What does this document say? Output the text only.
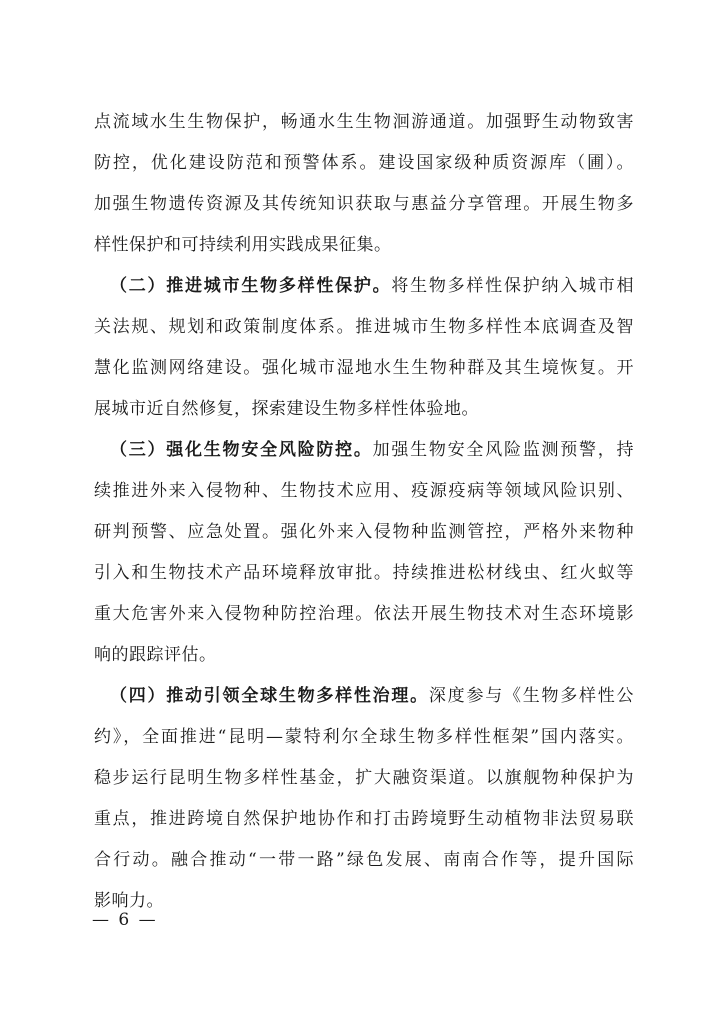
点流域水生生物保护，畅通水生生物洄游通道。加强野生动物致害
防控，优化建设防范和预警体系。建设国家级种质资源库（圃）。
加强生物遗传资源及其传统知识获取与惠益分享管理。开展生物多
样性保护和可持续利用实践成果征集。
（二）推进城市生物多样性保护。将生物多样性保护纳入城市相
关法规、规划和政策制度体系。推进城市生物多样性本底调查及智
慧化监测网络建设。强化城市湿地水生生物种群及其生境恢复。开
展城市近自然修复，探索建设生物多样性体验地。
（三）强化生物安全风险防控。加强生物安全风险监测预警，持
续推进外来入侵物种、生物技术应用、疫源疫病等领域风险识别、
研判预警、应急处置。强化外来入侵物种监测管控，严格外来物种
引入和生物技术产品环境释放审批。持续推进松材线虫、红火蚁等
重大危害外来入侵物种防控治理。依法开展生物技术对生态环境影
响的跟踪评估。
（四）推动引领全球生物多样性治理。深度参与《生物多样性公
约》，全面推进“昆明—蒙特利尔全球生物多样性框架”国内落实。
稳步运行昆明生物多样性基金，扩大融资渠道。以旗舰物种保护为
重点，推进跨境自然保护地协作和打击跨境野生动植物非法贸易联
合行动。融合推动“一带一路”绿色发展、南南合作等，提升国际
影响力。
— 6 —
